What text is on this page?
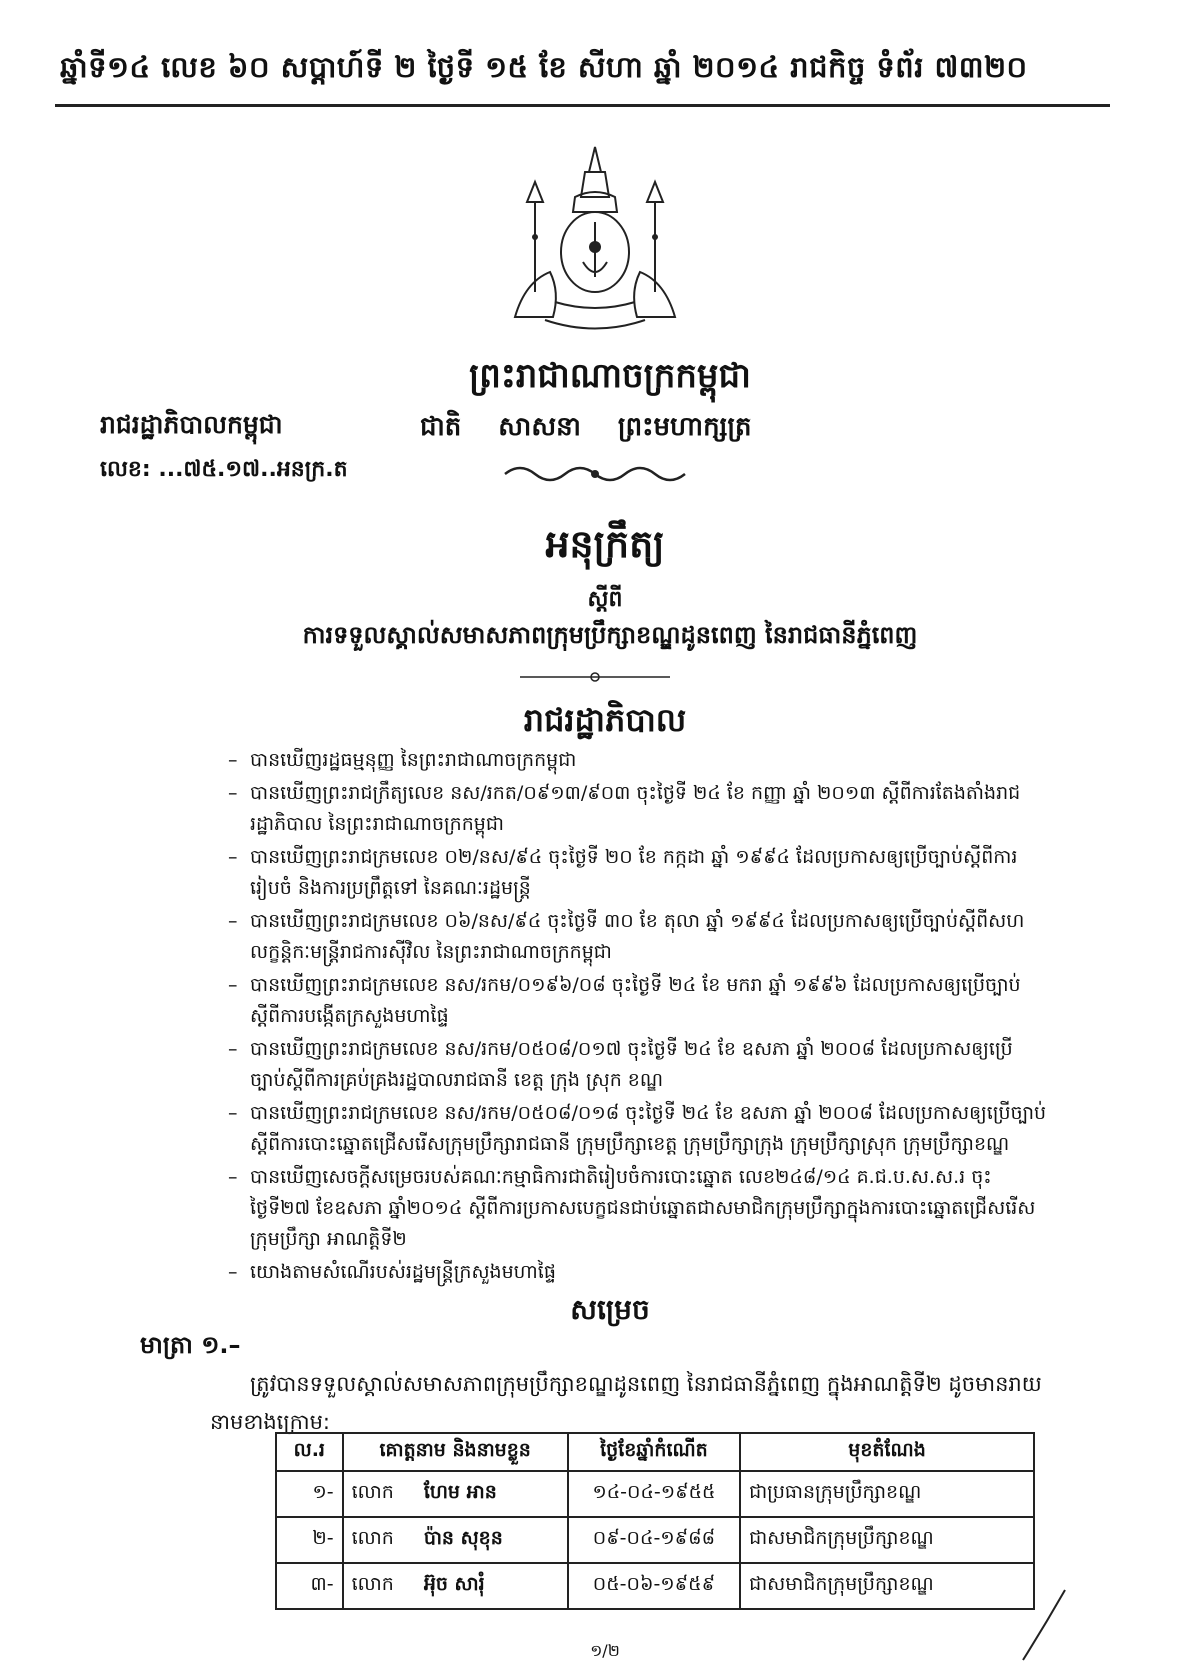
ឆ្នាំទី១៤ លេខ ៦០ សប្តាហ៍ទី ២ ថ្ងៃទី ១៥ ខែ សីហា ឆ្នាំ ២០១៤ រាជកិច្ច ទំព័រ ៧៣២០
ព្រះរាជាណាចក្រកម្ពុជា
រាជរដ្ឋាភិបាលកម្ពុជា
លេខ: ...៧៥.១៧..អនក្រ.ត
ជាតិ សាសនា ព្រះមហាក្សត្រ
អនុក្រឹត្យ
ស្តីពី
ការទទួលស្គាល់សមាសភាពក្រុមប្រឹក្សាខណ្ឌដូនពេញ នៃរាជធានីភ្នំពេញ
រាជរដ្ឋាភិបាល
– បានឃើញរដ្ឋធម្មនុញ្ញ នៃព្រះរាជាណាចក្រកម្ពុជា
– បានឃើញព្រះរាជក្រឹត្យលេខ នស/រកត/០៩១៣/៩០៣ ចុះថ្ងៃទី ២៤ ខែ កញ្ញា ឆ្នាំ ២០១៣ ស្តីពីការតែងតាំងរាជរដ្ឋាភិបាល នៃព្រះរាជាណាចក្រកម្ពុជា
– បានឃើញព្រះរាជក្រមលេខ ០២/នស/៩៤ ចុះថ្ងៃទី ២០ ខែ កក្កដា ឆ្នាំ ១៩៩៤ ដែលប្រកាសឲ្យប្រើច្បាប់ស្តីពីការរៀបចំ និងការប្រព្រឹត្តទៅ នៃគណៈរដ្ឋមន្ត្រី
– បានឃើញព្រះរាជក្រមលេខ ០៦/នស/៩៤ ចុះថ្ងៃទី ៣០ ខែ តុលា ឆ្នាំ ១៩៩៤ ដែលប្រកាសឲ្យប្រើច្បាប់ស្តីពីសហលក្ខន្តិកៈមន្ត្រីរាជការស៊ីវិល នៃព្រះរាជាណាចក្រកម្ពុជា
– បានឃើញព្រះរាជក្រមលេខ នស/រកម/០១៩៦/០៨ ចុះថ្ងៃទី ២៤ ខែ មករា ឆ្នាំ ១៩៩៦ ដែលប្រកាសឲ្យប្រើច្បាប់ស្តីពីការបង្កើតក្រសួងមហាផ្ទៃ
– បានឃើញព្រះរាជក្រមលេខ នស/រកម/០៥០៨/០១៧ ចុះថ្ងៃទី ២៤ ខែ ឧសភា ឆ្នាំ ២០០៨ ដែលប្រកាសឲ្យប្រើច្បាប់ស្តីពីការគ្រប់គ្រងរដ្ឋបាលរាជធានី ខេត្ត ក្រុង ស្រុក ខណ្ឌ
– បានឃើញព្រះរាជក្រមលេខ នស/រកម/០៥០៨/០១៨ ចុះថ្ងៃទី ២៤ ខែ ឧសភា ឆ្នាំ ២០០៨ ដែលប្រកាសឲ្យប្រើច្បាប់ស្តីពីការបោះឆ្នោតជ្រើសរើសក្រុមប្រឹក្សារាជធានី ក្រុមប្រឹក្សាខេត្ត ក្រុមប្រឹក្សាក្រុង ក្រុមប្រឹក្សាស្រុក ក្រុមប្រឹក្សាខណ្ឌ
– បានឃើញសេចក្តីសម្រេចរបស់គណៈកម្មាធិការជាតិរៀបចំការបោះឆ្នោត លេខ២៤៨/១៤ គ.ជ.ប.ស.ស.រ ចុះថ្ងៃទី២៧ ខែឧសភា ឆ្នាំ២០១៤ ស្តីពីការប្រកាសបេក្ខជនជាប់ឆ្នោតជាសមាជិកក្រុមប្រឹក្សាក្នុងការបោះឆ្នោតជ្រើសរើសក្រុមប្រឹក្សា អាណត្តិទី២
– យោងតាមសំណើរបស់រដ្ឋមន្ត្រីក្រសួងមហាផ្ទៃ
សម្រេច
មាត្រា ១.–
ត្រូវបានទទួលស្គាល់សមាសភាពក្រុមប្រឹក្សាខណ្ឌដូនពេញ នៃរាជធានីភ្នំពេញ ក្នុងអាណត្តិទី២ ដូចមានរាយនាមខាងក្រោម:
ល.រ	គោត្តនាម និងនាមខ្លួន	ថ្ងៃខែឆ្នាំកំណើត	មុខតំណែង
១-	លោក ហែម អាន	១៤-០៤-១៩៥៥	ជាប្រធានក្រុមប្រឹក្សាខណ្ឌ
២-	លោក ប៉ាន សុខុន	០៩-០៤-១៩៨៨	ជាសមាជិកក្រុមប្រឹក្សាខណ្ឌ
៣-	លោក អ៊ុច សារុំ	០៥-០៦-១៩៥៩	ជាសមាជិកក្រុមប្រឹក្សាខណ្ឌ
១/២
